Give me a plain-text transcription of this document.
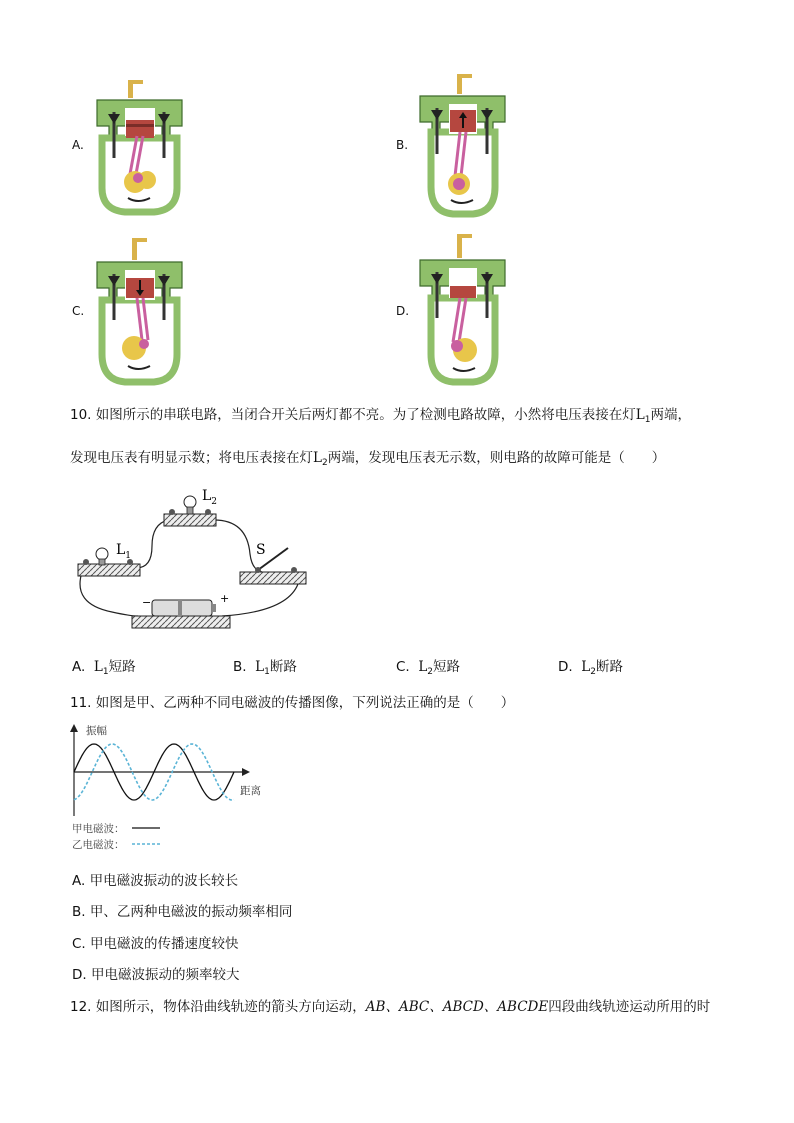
A.	B.
C.	D.
10. 如图所示的串联电路，当闭合开关后两灯都不亮。为了检测电路故障，小然将电压表接在灯$L_1$两端，
发现电压表有明显示数；将电压表接在灯$L_2$两端，发现电压表无示数，则电路的故障可能是（　　）
$L_1$
$L_2$
S
−	+
A. $L_1$短路	B. $L_1$断路	C. $L_2$短路	D. $L_2$断路
11. 如图是甲、乙两种不同电磁波的传播图像，下列说法正确的是（　　）
振幅
距离
甲电磁波：
乙电磁波：
A. 甲电磁波振动的波长较长
B. 甲、乙两种电磁波的振动频率相同
C. 甲电磁波的传播速度较快
D. 甲电磁波振动的频率较大
12. 如图所示，物体沿曲线轨迹的箭头方向运动，AB、ABC、ABCD、ABCDE四段曲线轨迹运动所用的时
